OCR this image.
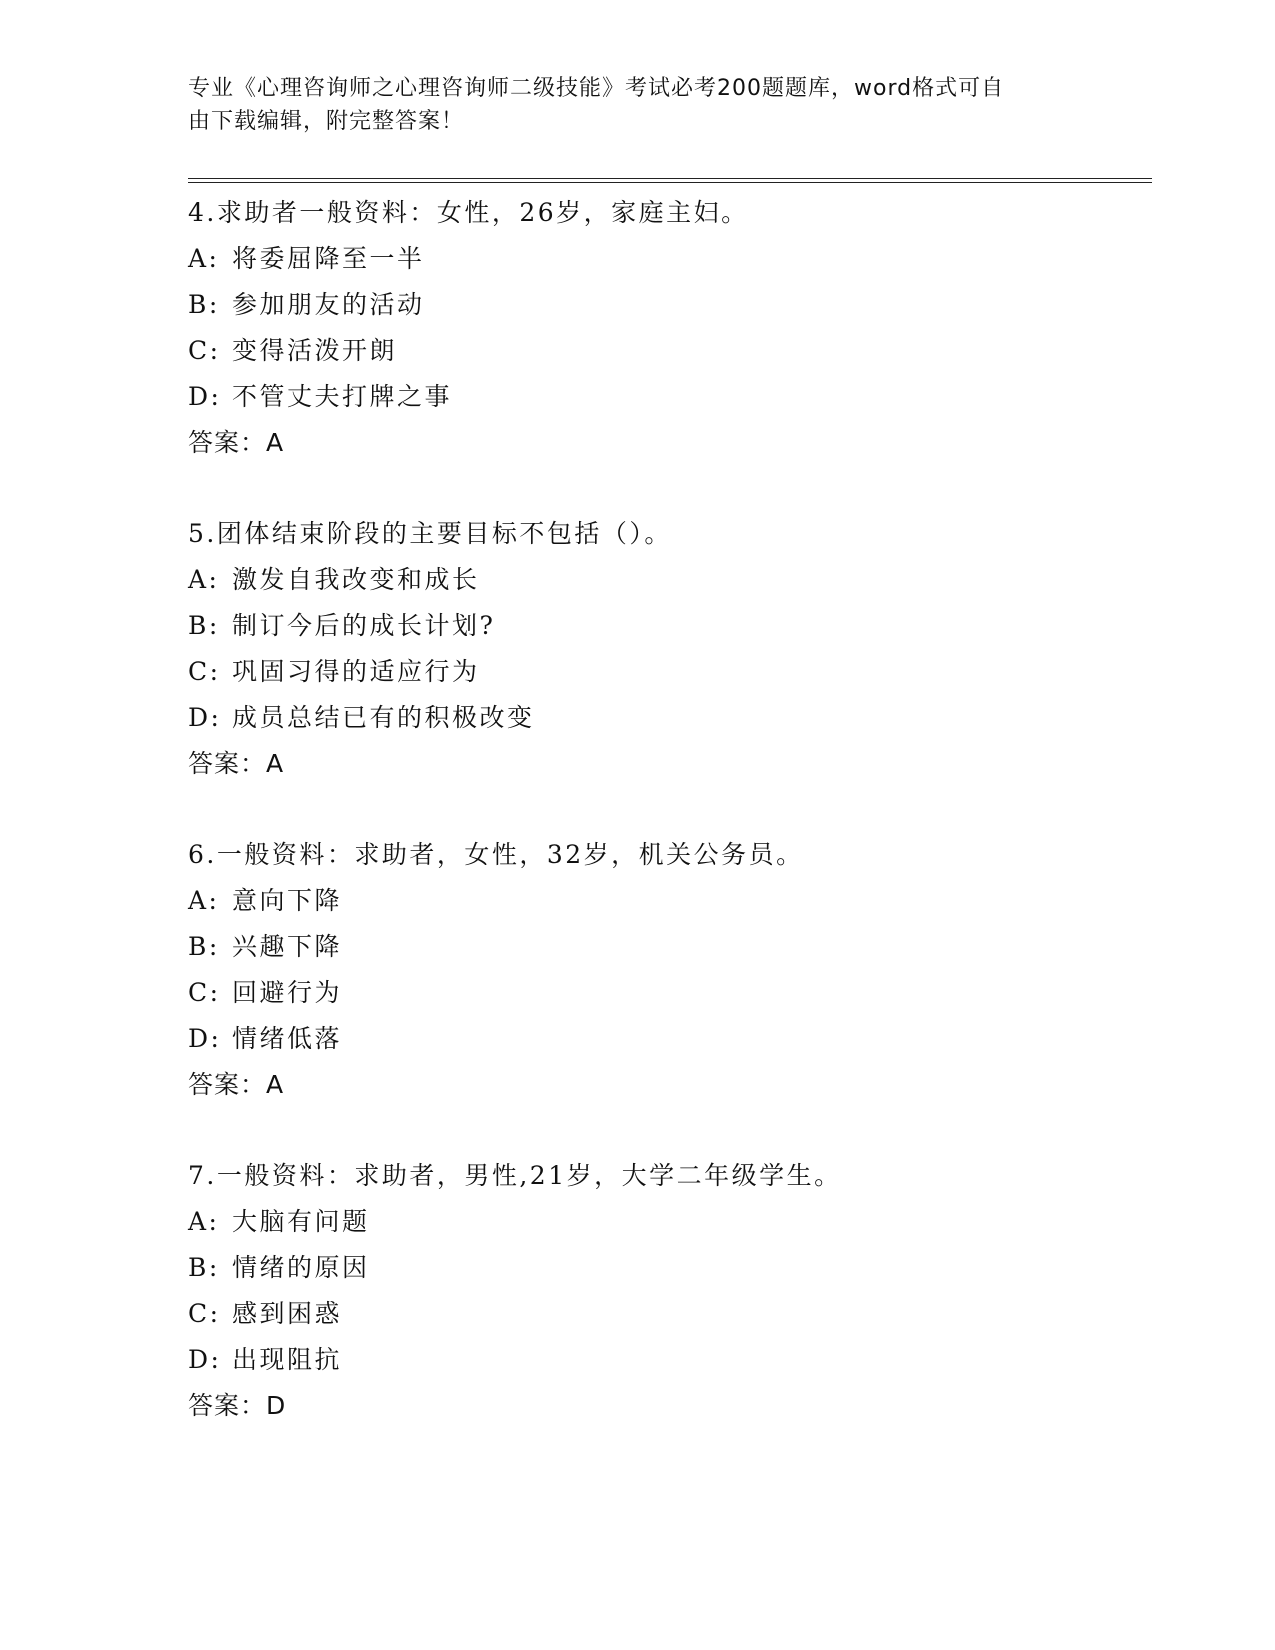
专业《心理咨询师之心理咨询师二级技能》考试必考200题题库，word格式可自
由下载编辑，附完整答案！
4.求助者一般资料：女性，26岁，家庭主妇。
A: 将委屈降至一半
B: 参加朋友的活动
C: 变得活泼开朗
D: 不管丈夫打牌之事
答案：A
5.团体结束阶段的主要目标不包括（）。
A: 激发自我改变和成长
B: 制订今后的成长计划?
C: 巩固习得的适应行为
D: 成员总结已有的积极改变
答案：A
6.一般资料：求助者，女性，32岁，机关公务员。
A: 意向下降
B: 兴趣下降
C: 回避行为
D: 情绪低落
答案：A
7.一般资料：求助者，男性,21岁，大学二年级学生。
A: 大脑有问题
B: 情绪的原因
C: 感到困惑
D: 出现阻抗
答案：D
